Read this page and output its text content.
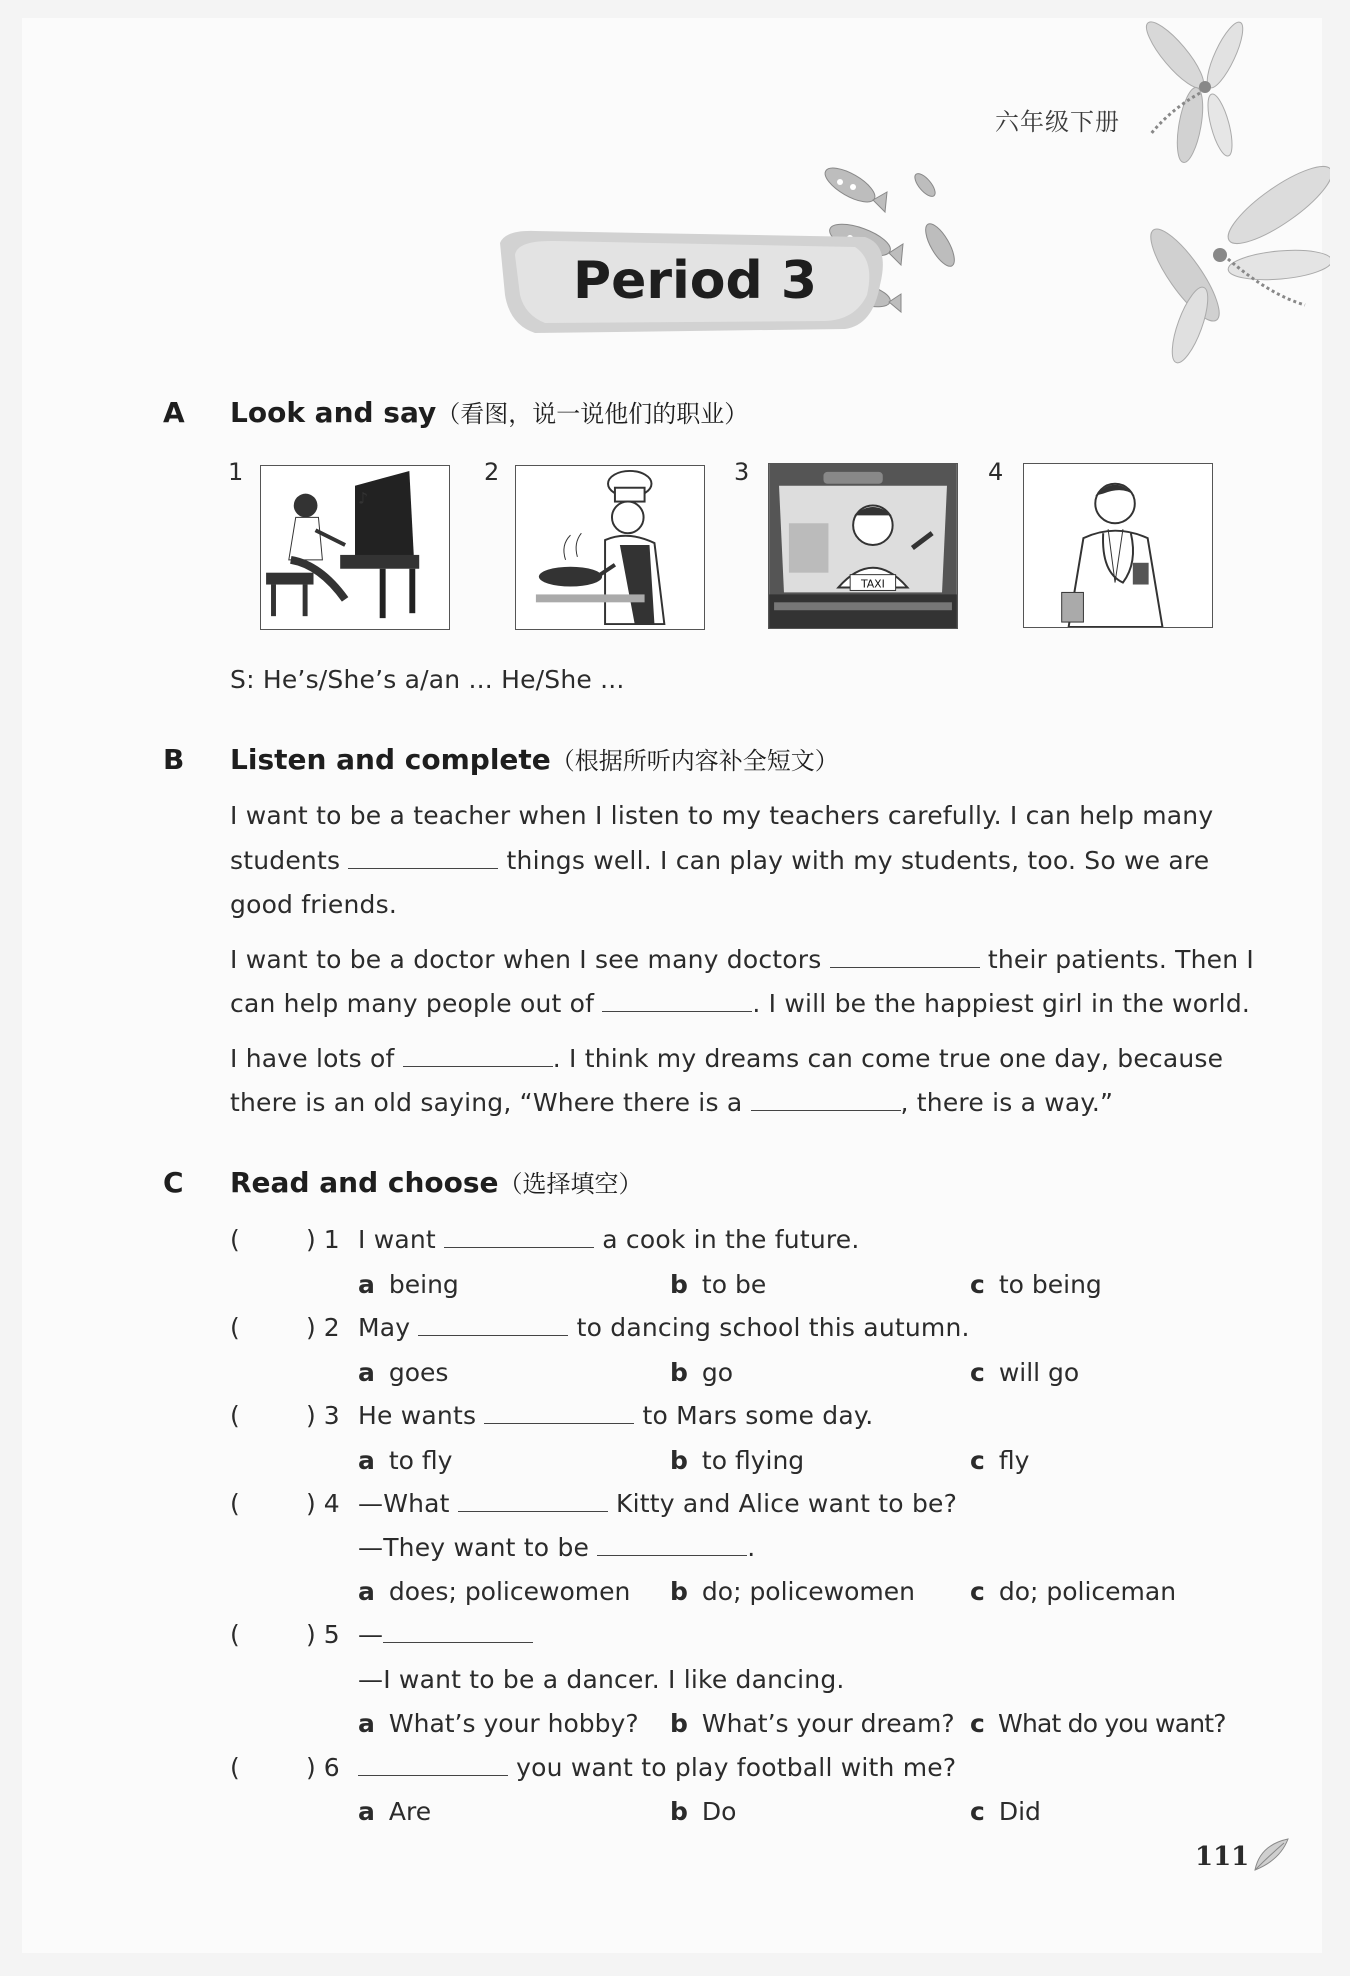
六年级下册
Period 3
A Look and say（看图，说一说他们的职业）
1
♪
2	3
TAXI
4
S: He’s/She’s a/an ... He/She ...
B Listen and complete（根据所听内容补全短文）
I want to be a teacher when I listen to my teachers carefully. I can help many
students	things well. I can play with my students, too. So we are
good friends.
I want to be a doctor when I see many doctors	their patients. Then I
can help many people out of	. I will be the happiest girl in the world.
I have lots of	. I think my dreams can come true one day, because
there is an old saying, “Where there is a	, there is a way.”
C Read and choose（选择填空）
(	) 1 I want	a cook in the future.
a being	b to be	c to being
(	) 2 May	to dancing school this autumn.
a goes	b go	c will go
(	) 3 He wants	to Mars some day.
a to fly	b to flying	c fly
(	) 4 —What	Kitty and Alice want to be?
—They want to be	.
a does; policewomen b do; policewomen c do; policeman
(	) 5 —
—I want to be a dancer. I like dancing.
a What’s your hobby? b What’s your dream? c What do you want?
(	) 6	you want to play football with me?
a Are	b Do	c Did
111
